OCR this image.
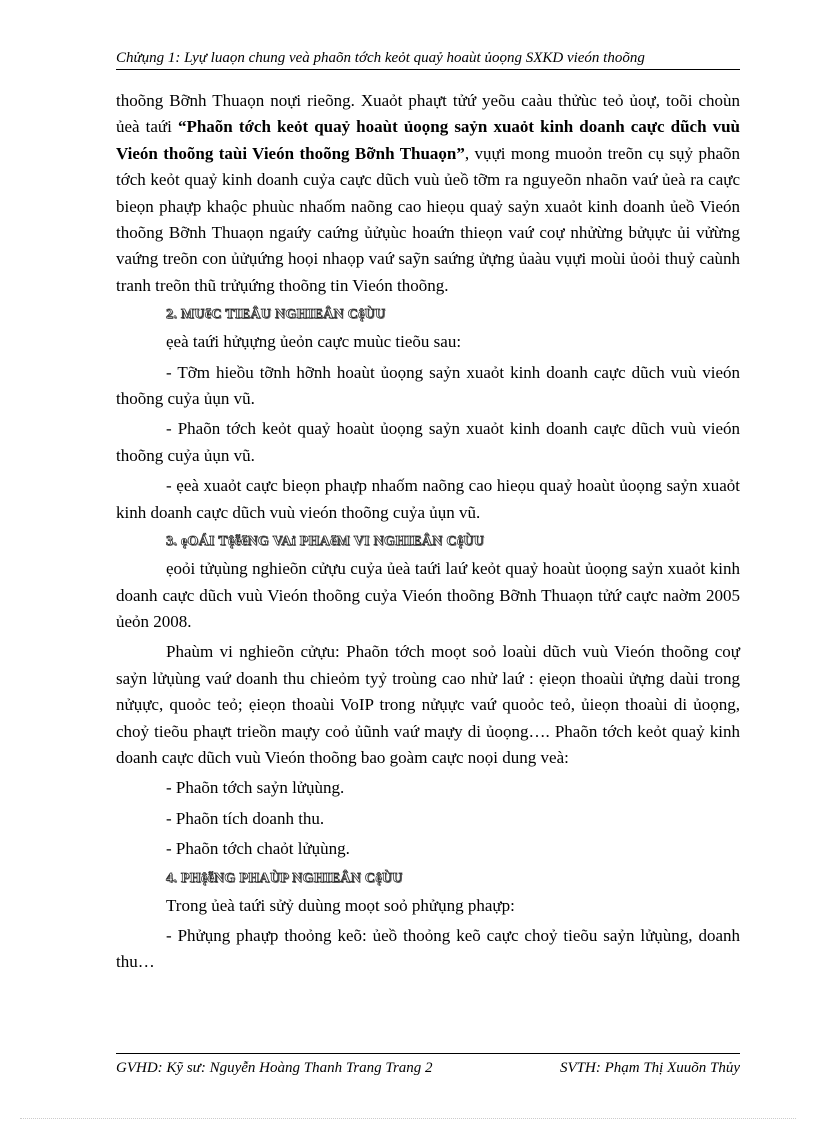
Chửụng 1: Lyự luaọn chung veà phaõn tớch keỏt quaỷ hoaùt ủoọng SXKD vieón thoõng

thoõng Bỡnh Thuaọn noựi rieõng. Xuaỏt phaựt tửứ yeõu caàu thửùc teỏ ủoự, toõi choùn ủeà taứi “Phaõn tớch keỏt quaỷ hoaùt ủoọng saỷn xuaỏt kinh doanh caực dũch vuù Vieón thoõng taùi Vieón thoõng Bỡnh Thuaọn”, vụựi mong muoỏn treõn cụ sụỷ phaõn tớch keỏt quaỷ kinh doanh cuỷa caực dũch vuù ủeồ tỡm ra nguyeõn nhaõn vaứ ủeà ra caực bieọn phaựp khaộc phuùc nhaốm naõng cao hieọu quaỷ saỷn xuaỏt kinh doanh ủeồ Vieón thoõng Bỡnh Thuaọn ngaứy caứng ủửụùc hoaứn thieọn vaứ coự nhửừng bửụực ủi vửừng vaứng treõn con ủửụứng hoọi nhaọp vaứ saỹn saứng ửựng ủaàu vụựi moùi ủoỏi thuỷ caùnh tranh treõn thũ trửụứng thoõng tin Vieón thoõng.

2. MUẽC TIEÂU NGHIEÂN CệÙU

ẹeà taứi hửụựng ủeỏn caực muùc tieõu sau:

- Tỡm hieồu tỡnh hỡnh hoaùt ủoọng saỷn xuaỏt kinh doanh caực dũch vuù vieón thoõng cuỷa ủụn vũ.

- Phaõn tớch keỏt quaỷ hoaùt ủoọng saỷn xuaỏt kinh doanh caực dũch vuù vieón thoõng cuỷa ủụn vũ.

- ẹeà xuaỏt caực bieọn phaựp nhaốm naõng cao hieọu quaỷ hoaùt ủoọng saỷn xuaỏt kinh doanh caực dũch vuù vieón thoõng cuỷa ủụn vũ.

3. ẹOÁI TệễẽNG VAỉ PHAẽM VI NGHIEÂN CệÙU

ẹoỏi tửụùng nghieõn cửựu cuỷa ủeà taứi laứ keỏt quaỷ hoaùt ủoọng saỷn xuaỏt kinh doanh caực dũch vuù Vieón thoõng cuỷa Vieón thoõng Bỡnh Thuaọn tửứ caực naờm 2005 ủeỏn 2008.

Phaùm vi nghieõn cửựu: Phaõn tớch moọt soỏ loaùi dũch vuù Vieón thoõng coự saỷn lửụùng vaứ doanh thu chieỏm tyỷ troùng cao nhử laứ : ẹieọn thoaùi ửựng daùi trong nửụực, quoỏc teỏ; ẹieọn thoaùi VoIP trong nửụực vaứ quoỏc teỏ, ủieọn thoaùi di ủoọng, choỷ tieõu phaựt trieồn maựy coỏ ủũnh vaứ maựy di ủoọng…. Phaõn tớch keỏt quaỷ kinh doanh caực dũch vuù Vieón thoõng bao goàm caực noọi dung veà:

- Phaõn tớch saỷn lửụùng.

- Phaõn tích doanh thu.

- Phaõn tớch chaỏt lửụùng.

4. PHệễNG PHAÙP NGHIEÂN CệÙU

Trong ủeà taứi sửỷ duùng moọt soỏ phửụng phaựp:

- Phửụng phaựp thoỏng keõ: ủeồ thoỏng keõ caực choỷ tieõu saỷn lửụùng, doanh thu…

GVHD: Kỹ sư: Nguyễn Hoàng Thanh Trang Trang 2	SVTH: Phạm Thị Xuuõn Thủy
